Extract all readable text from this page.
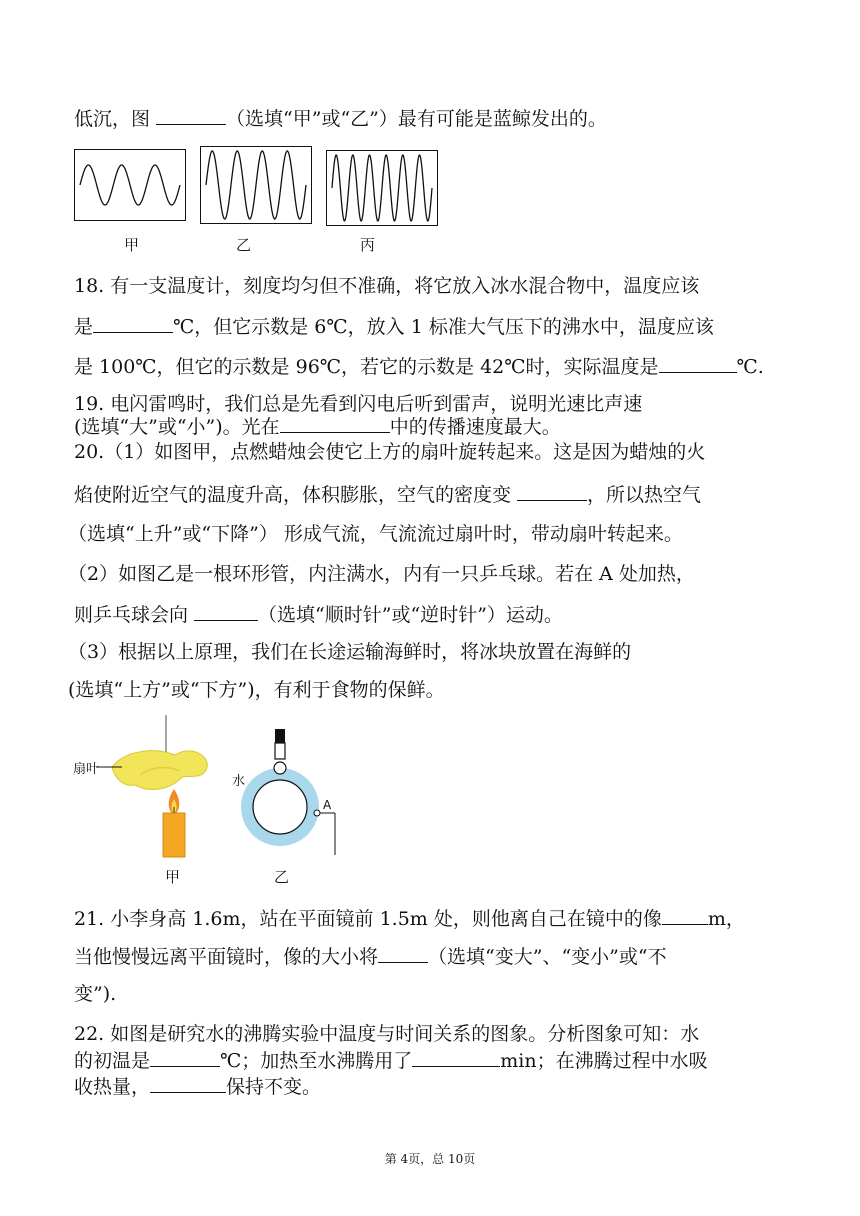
低沉，图	（选填“甲”或“乙”）最有可能是蓝鲸发出的。
甲	乙	丙
18. 有一支温度计，刻度均匀但不准确，将它放入冰水混合物中，温度应该
是	℃，但它示数是 6℃，放入 1 标准大气压下的沸水中，温度应该
是 100℃，但它的示数是 96℃，若它的示数是 42℃时，实际温度是	℃.
19. 电闪雷鸣时，我们总是先看到闪电后听到雷声，说明光速比声速
(选填“大”或“小”)。光在	中的传播速度最大。
20.（1）如图甲，点燃蜡烛会使它上方的扇叶旋转起来。这是因为蜡烛的火
焰使附近空气的温度升高，体积膨胀，空气的密度变	，所以热空气
（选填“上升”或“下降”） 形成气流，气流流过扇叶时，带动扇叶转起来。
（2）如图乙是一根环形管，内注满水，内有一只乒乓球。若在 A 处加热，
则乒乓球会向	（选填“顺时针”或“逆时针”）运动。
（3）根据以上原理，我们在长途运输海鲜时，将冰块放置在海鲜的
(选填“上方”或“下方”)，有利于食物的保鲜。
扇叶
甲
水
A
乙
21. 小李身高 1.6m，站在平面镜前 1.5m 处，则他离自己在镜中的像 m，
当他慢慢远离平面镜时，像的大小将	（选填“变大”、“变小”或“不
变”).
22. 如图是研究水的沸腾实验中温度与时间关系的图象。分析图象可知：水
的初温是	℃；加热至水沸腾用了	min；在沸腾过程中水吸
收热量，	保持不变。
第 4页，总 10页
